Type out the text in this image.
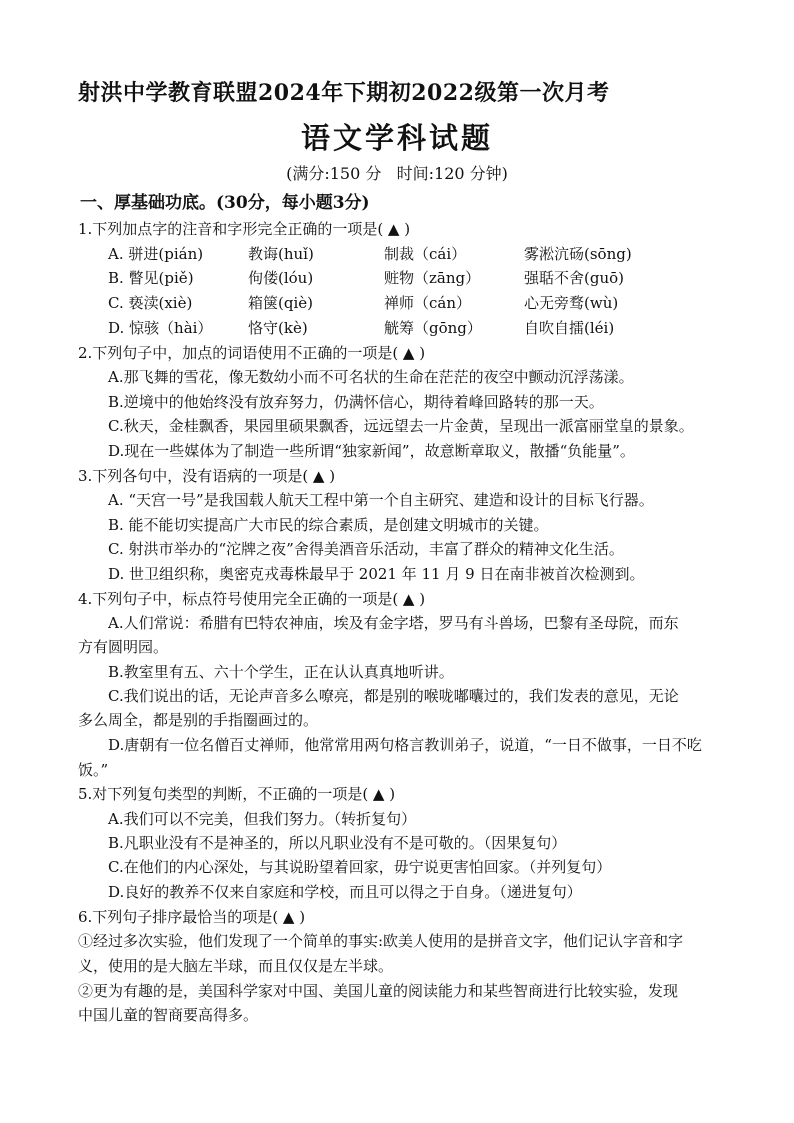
射洪中学教育联盟2024年下期初2022级第一次月考
语文学科试题
(满分:150 分   时间:120 分钟)
一、厚基础功底。(30分，每小题3分)
1.下列加点字的注音和字形完全正确的一项是( ▲ )
A. 骈进(pián)	教诲(huǐ)	制裁（cái）	雾淞沆砀(sōng)
B. 瞥见(piě)	佝偻(lóu)	赃物（zāng）	强聒不舍(guō)
C. 亵渎(xiè)	箱箧(qiè)	禅师（cán）	心无旁骛(wù)
D. 惊骇（hài） 恪守(kè)	觥筹（gōng）	自吹自擂(léi)
2.下列句子中，加点的词语使用不正确的一项是( ▲ )
A.那飞舞的雪花，像无数幼小而不可名状的生命在茫茫的夜空中颤动沉浮荡漾。
B.逆境中的他始终没有放弃努力，仍满怀信心，期待着峰回路转的那一天。
C.秋天，金桂飘香，果园里硕果飘香，远远望去一片金黄，呈现出一派富丽堂皇的景象。
D.现在一些媒体为了制造一些所谓“独家新闻”，故意断章取义，散播“负能量”。
3.下列各句中，没有语病的一项是( ▲ )
A. “天宫一号”是我国载人航天工程中第一个自主研究、建造和设计的目标飞行器。
B. 能不能切实提高广大市民的综合素质，是创建文明城市的关键。
C. 射洪市举办的“沱牌之夜”舍得美酒音乐活动，丰富了群众的精神文化生活。
D. 世卫组织称，奥密克戎毒株最早于 2021 年 11 月 9 日在南非被首次检测到。
4.下列句子中，标点符号使用完全正确的一项是( ▲ )
A.人们常说：希腊有巴特农神庙，埃及有金字塔，罗马有斗兽场，巴黎有圣母院，而东
方有圆明园。
B.教室里有五、六十个学生，正在认认真真地听讲。
C.我们说出的话，无论声音多么嘹亮，都是别的喉咙嘟囔过的，我们发表的意见，无论
多么周全，都是别的手指圈画过的。
D.唐朝有一位名僧百丈禅师，他常常用两句格言教训弟子，说道，“一日不做事，一日不吃
饭。”
5.对下列复句类型的判断，不正确的一项是( ▲ )
A.我们可以不完美，但我们努力。（转折复句）
B.凡职业没有不是神圣的，所以凡职业没有不是可敬的。（因果复句）
C.在他们的内心深处，与其说盼望着回家，毋宁说更害怕回家。（并列复句）
D.良好的教养不仅来自家庭和学校，而且可以得之于自身。（递进复句）
6.下列句子排序最恰当的项是( ▲ )
①经过多次实验，他们发现了一个简单的事实:欧美人使用的是拼音文字，他们记认字音和字
义，使用的是大脑左半球，而且仅仅是左半球。
②更为有趣的是，美国科学家对中国、美国儿童的阅读能力和某些智商进行比较实验，发现
中国儿童的智商要高得多。
